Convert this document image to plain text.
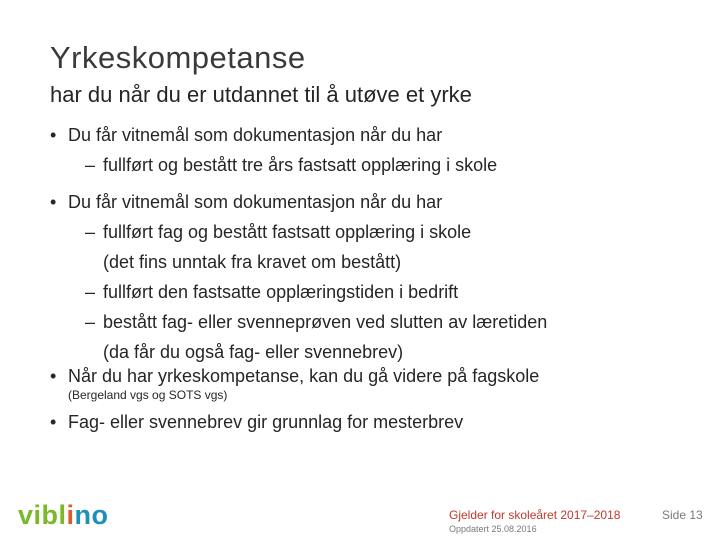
Yrkeskompetanse
har du når du er utdannet til å utøve et yrke
• Du får vitnemål som dokumentasjon når du har
– fullført og bestått tre års fastsatt opplæring i skole
• Du får vitnemål som dokumentasjon når du har
– fullført fag og bestått fastsatt opplæring i skole
(det fins unntak fra kravet om bestått)
– fullført den fastsatte opplæringstiden i bedrift
– bestått fag- eller svenneprøven ved slutten av læretiden
(da får du også fag- eller svennebrev)
• Når du har yrkeskompetanse, kan du gå videre på fagskole
(Bergeland vgs og SOTS vgs)
• Fag- eller svennebrev gir grunnlag for mesterbrev
viblino	Gjelder for skoleåret 2017–2018
Oppdatert 25.08.2016
Side 13
